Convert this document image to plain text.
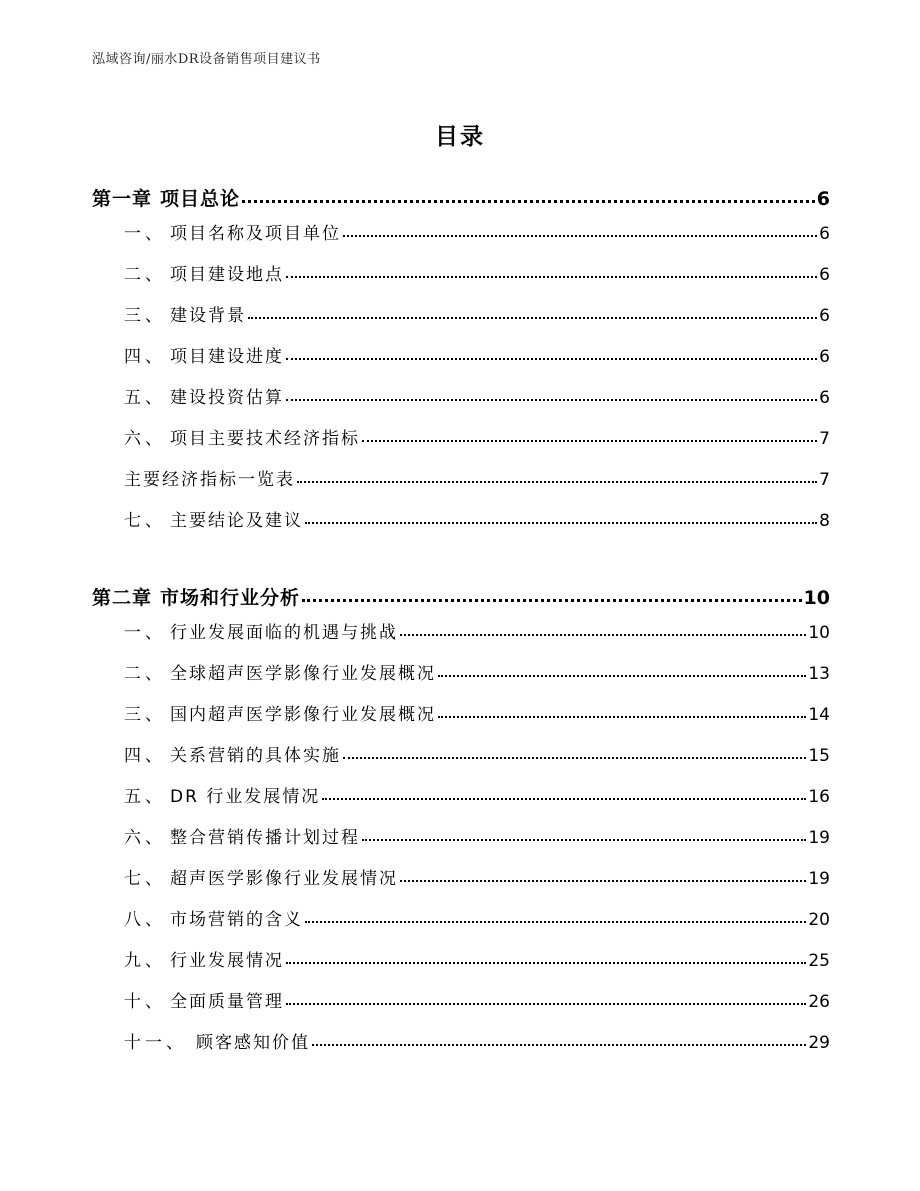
泓域咨询/丽水DR设备销售项目建议书
目录
第一章 项目总论	6
一、 项目名称及项目单位	6
二、 项目建设地点	6
三、 建设背景	6
四、 项目建设进度	6
五、 建设投资估算	6
六、 项目主要技术经济指标	7
主要经济指标一览表	7
七、 主要结论及建议	8
第二章 市场和行业分析	10
一、 行业发展面临的机遇与挑战	10
二、 全球超声医学影像行业发展概况	13
三、 国内超声医学影像行业发展概况	14
四、 关系营销的具体实施	15
五、 DR 行业发展情况	16
六、 整合营销传播计划过程	19
七、 超声医学影像行业发展情况	19
八、 市场营销的含义	20
九、 行业发展情况	25
十、 全面质量管理	26
十一、 顾客感知价值	29
